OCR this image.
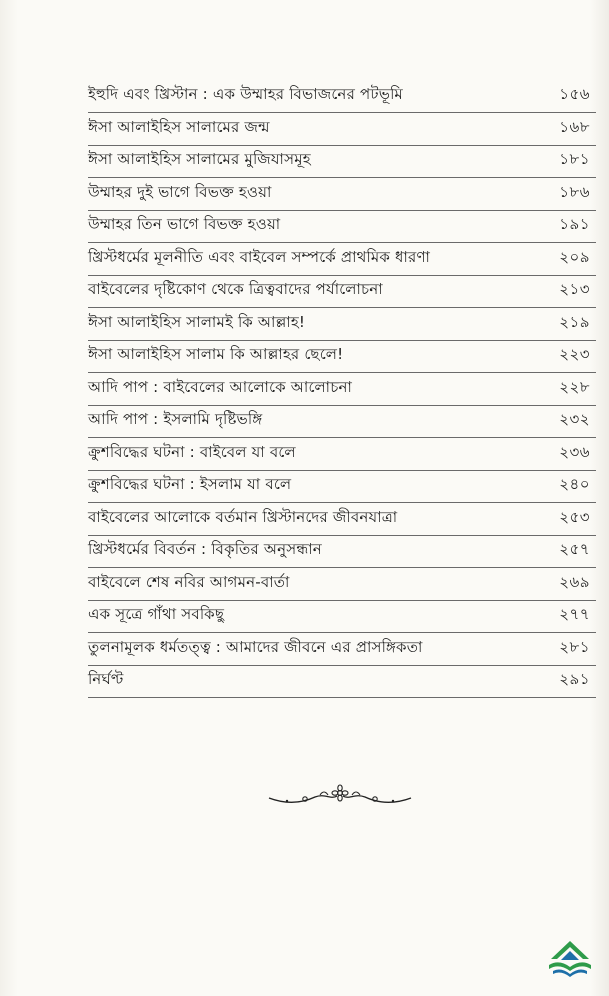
ইহুদি এবং খ্রিস্টান : এক উম্মাহর বিভাজনের পটভূমি	১৫৬
ঈসা আলাইহিস সালামের জন্ম	১৬৮
ঈসা আলাইহিস সালামের মুজিযাসমূহ	১৮১
উম্মাহর দুই ভাগে বিভক্ত হওয়া	১৮৬
উম্মাহর তিন ভাগে বিভক্ত হওয়া	১৯১
খ্রিস্টধর্মের মূলনীতি এবং বাইবেল সম্পর্কে প্রাথমিক ধারণা	২০৯
বাইবেলের দৃষ্টিকোণ থেকে ত্রিত্ববাদের পর্যালোচনা	২১৩
ঈসা আলাইহিস সালামই কি আল্লাহ!	২১৯
ঈসা আলাইহিস সালাম কি আল্লাহর ছেলে!	২২৩
আদি পাপ : বাইবেলের আলোকে আলোচনা	২২৮
আদি পাপ : ইসলামি দৃষ্টিভঙ্গি	২৩২
ক্রুশবিদ্ধের ঘটনা : বাইবেল যা বলে	২৩৬
ক্রুশবিদ্ধের ঘটনা : ইসলাম যা বলে	২৪০
বাইবেলের আলোকে বর্তমান খ্রিস্টানদের জীবনযাত্রা	২৫৩
খ্রিস্টধর্মের বিবর্তন : বিকৃতির অনুসন্ধান	২৫৭
বাইবেলে শেষ নবির আগমন-বার্তা	২৬৯
এক সূত্রে গাঁথা সবকিছু	২৭৭
তুলনামূলক ধর্মতত্ত্ব : আমাদের জীবনে এর প্রাসঙ্গিকতা	২৮১
নির্ঘণ্ট	২৯১
